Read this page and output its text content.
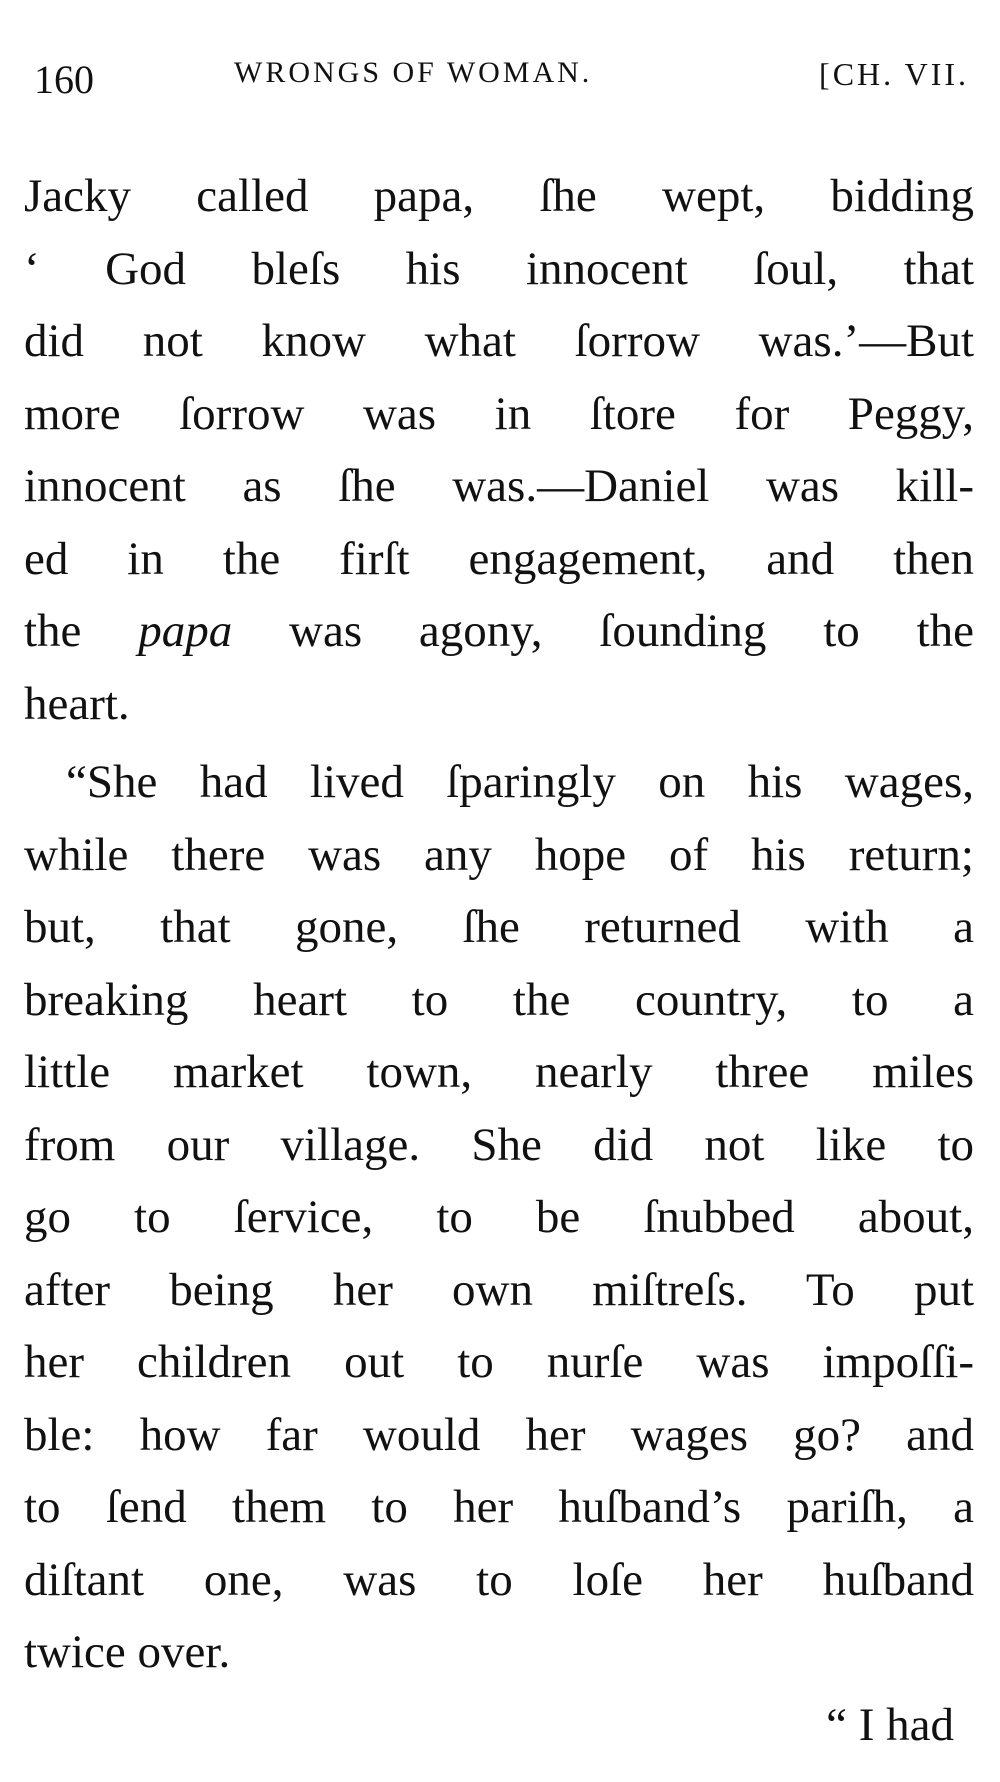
160	WRONGS OF WOMAN.	[CH. VII.
Jacky called papa, ſhe wept, bidding
‘ God bleſs his innocent ſoul, that
did not know what ſorrow was.’—But
more ſorrow was in ſtore for Peggy,
innocent as ſhe was.—Daniel was kill-
ed in the firſt engagement, and then
the papa was agony, ſounding to the
heart.
“She had lived ſparingly on his wages,
while there was any hope of his return;
but, that gone, ſhe returned with a
breaking heart to the country, to a
little market town, nearly three miles
from our village. She did not like to
go to ſervice, to be ſnubbed about,
after being her own miſtreſs. To put
her children out to nurſe was impoſſi-
ble: how far would her wages go? and
to ſend them to her huſband’s pariſh, a
diſtant one, was to loſe her huſband
twice over.
“ I had
